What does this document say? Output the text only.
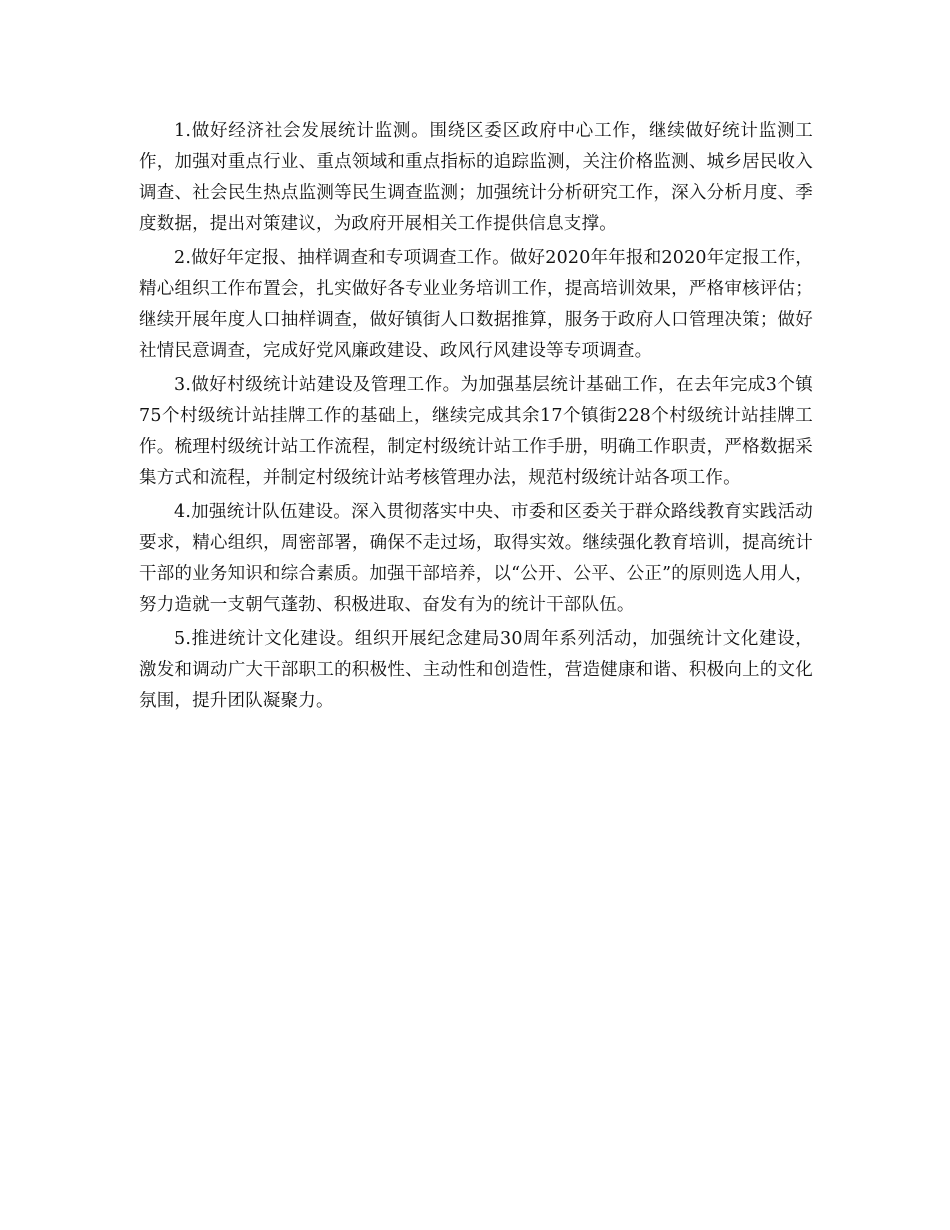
1.做好经济社会发展统计监测。围绕区委区政府中心工作，继续做好统计监测工作，加强对重点行业、重点领域和重点指标的追踪监测，关注价格监测、城乡居民收入调查、社会民生热点监测等民生调查监测；加强统计分析研究工作，深入分析月度、季度数据，提出对策建议，为政府开展相关工作提供信息支撑。

2.做好年定报、抽样调查和专项调查工作。做好2020年年报和2020年定报工作，精心组织工作布置会，扎实做好各专业业务培训工作，提高培训效果，严格审核评估；继续开展年度人口抽样调查，做好镇街人口数据推算，服务于政府人口管理决策；做好社情民意调查，完成好党风廉政建设、政风行风建设等专项调查。

3.做好村级统计站建设及管理工作。为加强基层统计基础工作，在去年完成3个镇75个村级统计站挂牌工作的基础上，继续完成其余17个镇街228个村级统计站挂牌工作。梳理村级统计站工作流程，制定村级统计站工作手册，明确工作职责，严格数据采集方式和流程，并制定村级统计站考核管理办法，规范村级统计站各项工作。

4.加强统计队伍建设。深入贯彻落实中央、市委和区委关于群众路线教育实践活动要求，精心组织，周密部署，确保不走过场，取得实效。继续强化教育培训，提高统计干部的业务知识和综合素质。加强干部培养，以“公开、公平、公正”的原则选人用人，努力造就一支朝气蓬勃、积极进取、奋发有为的统计干部队伍。

5.推进统计文化建设。组织开展纪念建局30周年系列活动，加强统计文化建设，激发和调动广大干部职工的积极性、主动性和创造性，营造健康和谐、积极向上的文化氛围，提升团队凝聚力。
